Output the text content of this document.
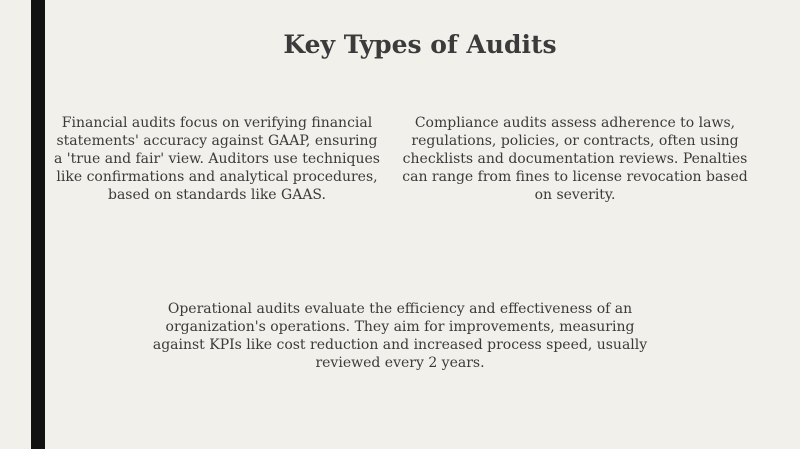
Key Types of Audits

Financial audits focus on verifying financial statements' accuracy against GAAP, ensuring a 'true and fair' view. Auditors use techniques like confirmations and analytical procedures, based on standards like GAAS.

Compliance audits assess adherence to laws, regulations, policies, or contracts, often using checklists and documentation reviews. Penalties can range from fines to license revocation based on severity.

Operational audits evaluate the efficiency and effectiveness of an organization's operations. They aim for improvements, measuring against KPIs like cost reduction and increased process speed, usually reviewed every 2 years.
